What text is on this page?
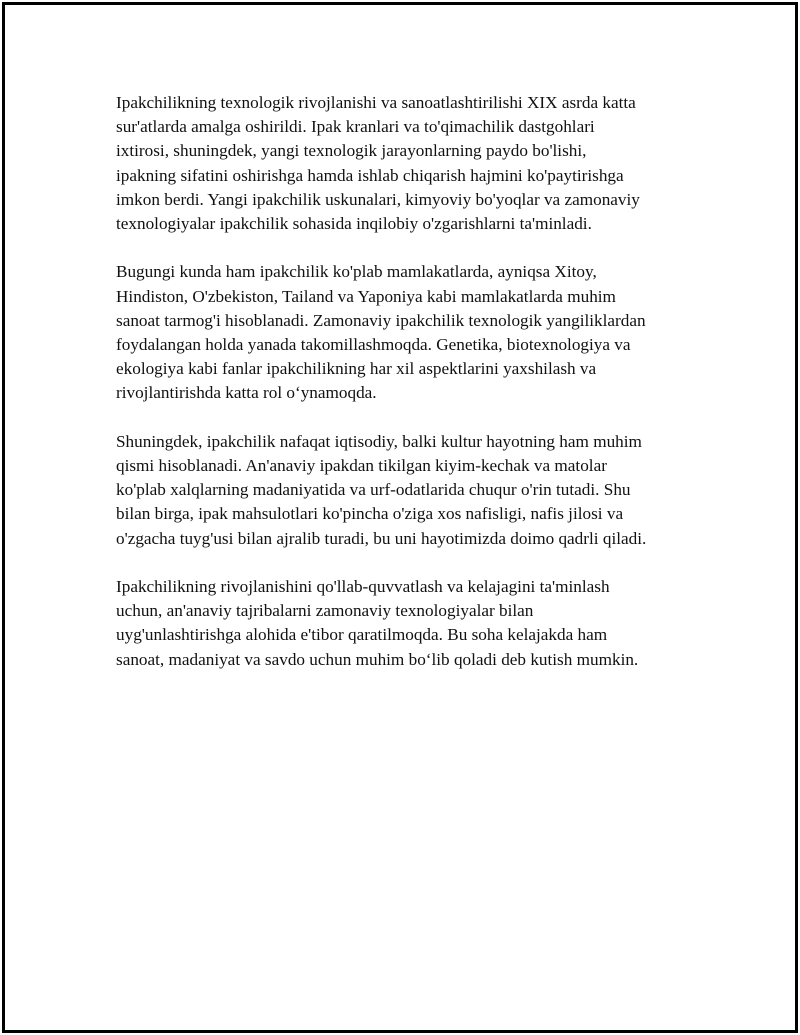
Ipakchilikning texnologik rivojlanishi va sanoatlashtirilishi XIX asrda katta
sur'atlarda amalga oshirildi. Ipak kranlari va to'qimachilik dastgohlari
ixtirosi, shuningdek, yangi texnologik jarayonlarning paydo bo'lishi,
ipakning sifatini oshirishga hamda ishlab chiqarish hajmini ko'paytirishga
imkon berdi. Yangi ipakchilik uskunalari, kimyoviy bo'yoqlar va zamonaviy
texnologiyalar ipakchilik sohasida inqilobiy o'zgarishlarni ta'minladi.

Bugungi kunda ham ipakchilik ko'plab mamlakatlarda, ayniqsa Xitoy,
Hindiston, O'zbekiston, Tailand va Yaponiya kabi mamlakatlarda muhim
sanoat tarmog'i hisoblanadi. Zamonaviy ipakchilik texnologik yangiliklardan
foydalangan holda yanada takomillashmoqda. Genetika, biotexnologiya va
ekologiya kabi fanlar ipakchilikning har xil aspektlarini yaxshilash va
rivojlantirishda katta rol oʻynamoqda.

Shuningdek, ipakchilik nafaqat iqtisodiy, balki kultur hayotning ham muhim
qismi hisoblanadi. An'anaviy ipakdan tikilgan kiyim-kechak va matolar
ko'plab xalqlarning madaniyatida va urf-odatlarida chuqur o'rin tutadi. Shu
bilan birga, ipak mahsulotlari ko'pincha o'ziga xos nafisligi, nafis jilosi va
o'zgacha tuyg'usi bilan ajralib turadi, bu uni hayotimizda doimo qadrli qiladi.

Ipakchilikning rivojlanishini qo'llab-quvvatlash va kelajagini ta'minlash
uchun, an'anaviy tajribalarni zamonaviy texnologiyalar bilan
uyg'unlashtirishga alohida e'tibor qaratilmoqda. Bu soha kelajakda ham
sanoat, madaniyat va savdo uchun muhim boʻlib qoladi deb kutish mumkin.
